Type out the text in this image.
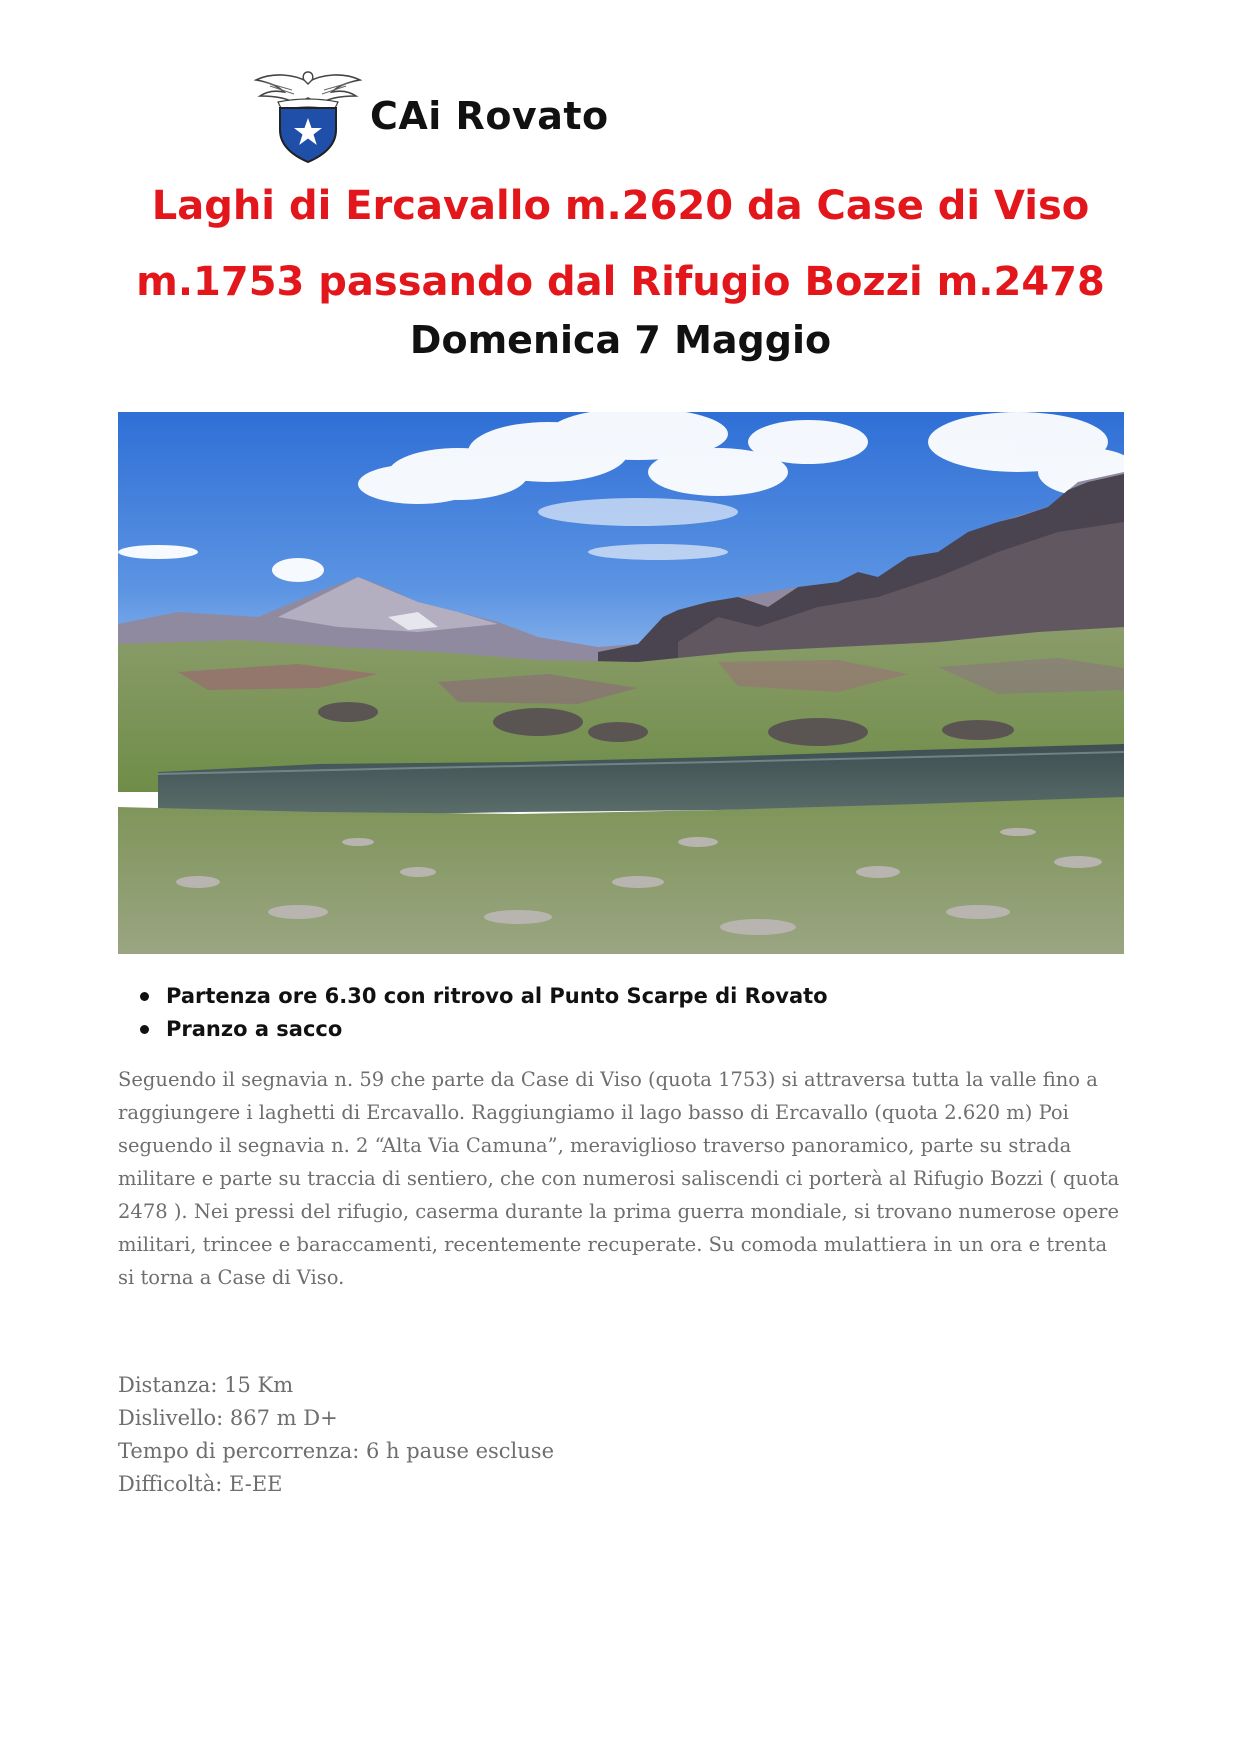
CAi Rovato
Laghi di Ercavallo m.2620 da Case di Viso
m.1753 passando dal Rifugio Bozzi m.2478
Domenica 7 Maggio
Partenza ore 6.30 con ritrovo al Punto Scarpe di Rovato
Pranzo a sacco

Seguendo il segnavia n. 59 che parte da Case di Viso (quota 1753) si attraversa tutta la valle fino a raggiungere i laghetti di Ercavallo. Raggiungiamo il lago basso di Ercavallo (quota 2.620 m) Poi seguendo il segnavia n. 2 “Alta Via Camuna”, meraviglioso traverso panoramico, parte su strada militare e parte su traccia di sentiero, che con numerosi saliscendi ci porterà al Rifugio Bozzi ( quota 2478 ). Nei pressi del rifugio, caserma durante la prima guerra mondiale, si trovano numerose opere militari, trincee e baraccamenti, recentemente recuperate. Su comoda mulattiera in un ora e trenta si torna a Case di Viso.

Distanza: 15 Km
Dislivello: 867 m D+
Tempo di percorrenza: 6 h pause escluse
Difficoltà: E-EE
